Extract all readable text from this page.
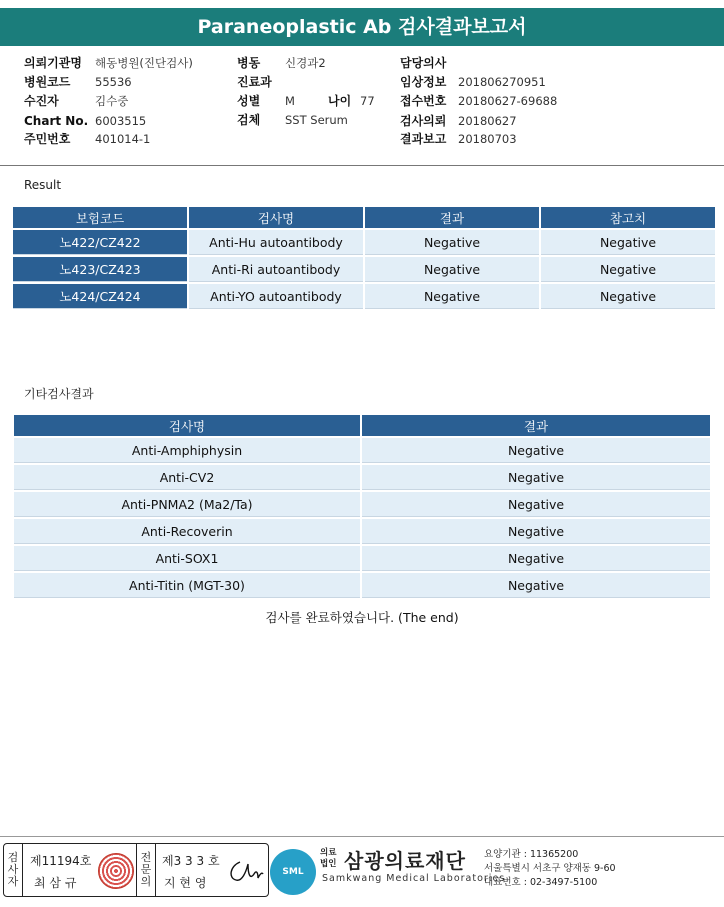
Paraneoplastic Ab 검사결과보고서
의뢰기관명 해동병원(진단검사)
병원코드 55536
수진자	김수중
Chart No. 6003515
주민번호 401014-1
병동 신경과2
진료과
성별 M	나이 77
검체 SST Serum
담당의사
임상정보 201806270951
접수번호 20180627-69688
검사의뢰 20180627
결과보고 20180703
Result
보험코드	검사명	결과	참고치
노422/CZ422	Anti-Hu autoantibody	Negative	Negative
노423/CZ423	Anti-Ri autoantibody	Negative	Negative
노424/CZ424	Anti-YO autoantibody	Negative	Negative
기타검사결과
검사명	결과
Anti-Amphiphysin	Negative
Anti-CV2	Negative
Anti-PNMA2 (Ma2/Ta)	Negative
Anti-Recoverin	Negative
Anti-SOX1	Negative
Anti-Titin (MGT-30)	Negative
검사를 완료하였습니다. (The end)
검사자
제11194호
최 삼 규
전문의
제3 3 3 호
지 현 영
SML
의료
법인 삼광의료재단
Samkwang Medical Laboratories
요양기관 : 11365200
서울특별시 서초구 양재동 9-60
대표번호 : 02-3497-5100
